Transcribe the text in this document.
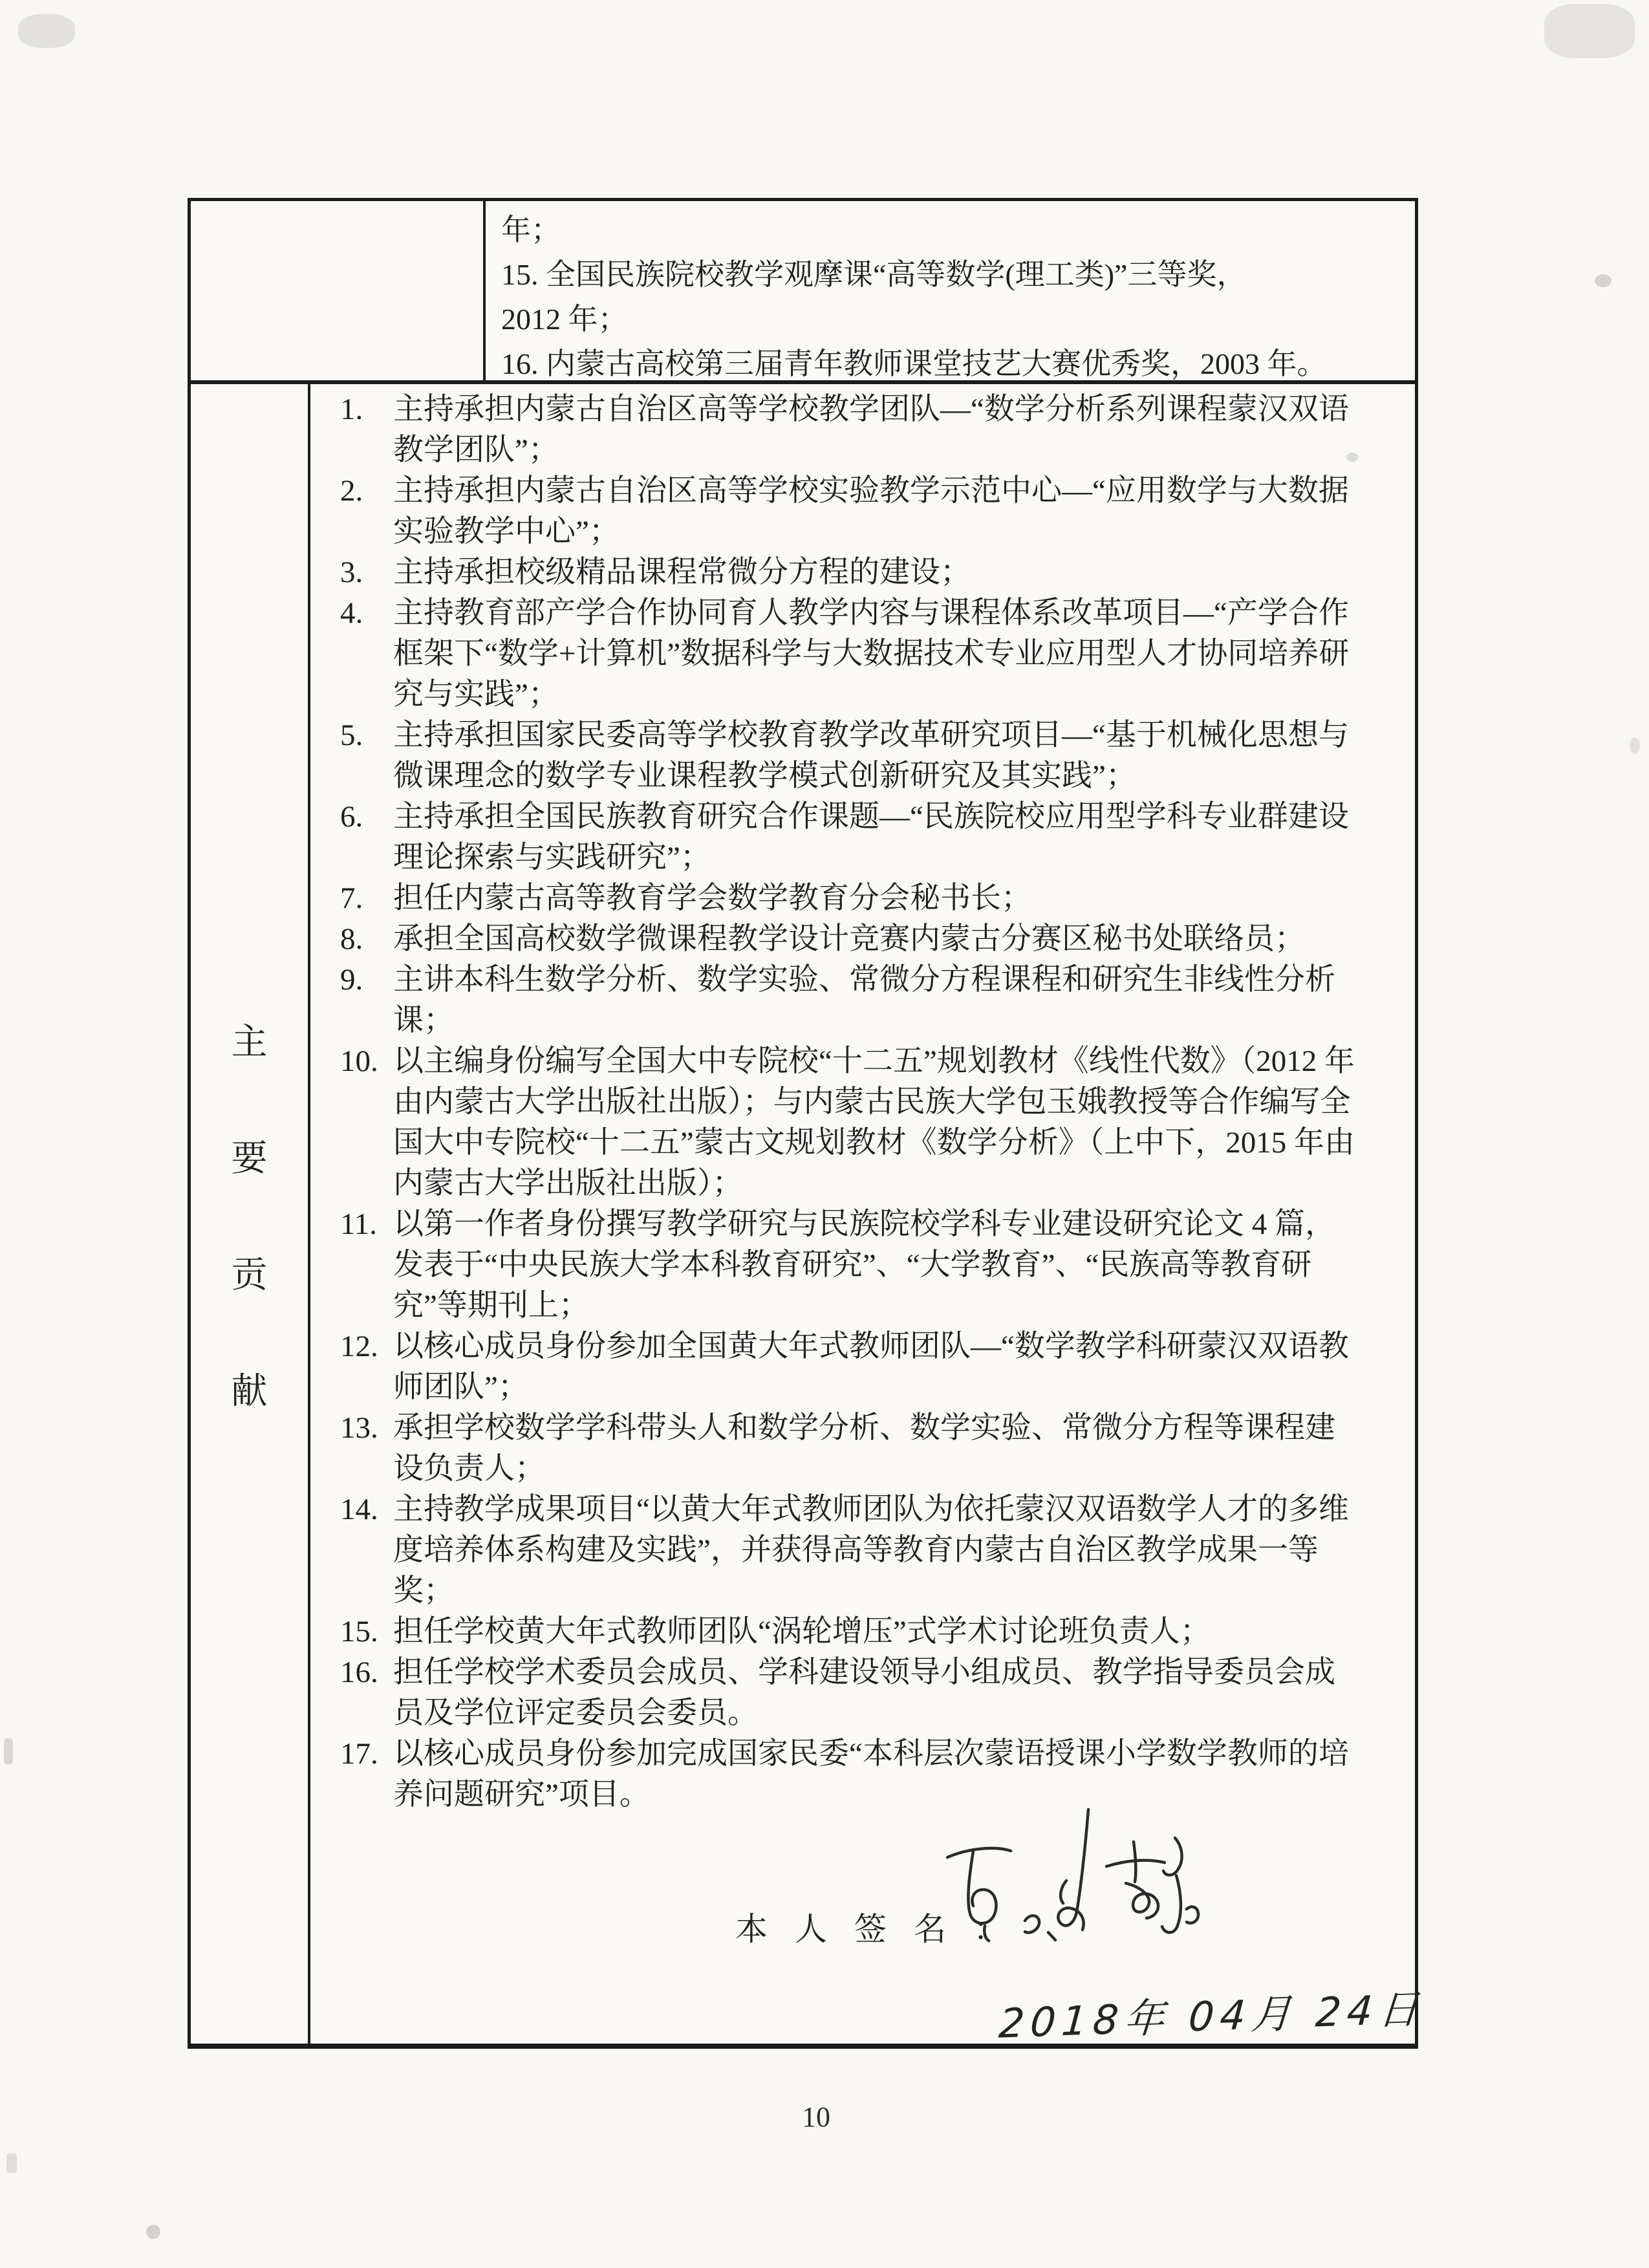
年；
15. 全国民族院校教学观摩课“高等数学(理工类)”三等奖，
2012 年；
16. 内蒙古高校第三届青年教师课堂技艺大赛优秀奖，2003 年。
主
要
贡
献
1. 主持承担内蒙古自治区高等学校教学团队—“数学分析系列课程蒙汉双语教学团队”；
2. 主持承担内蒙古自治区高等学校实验教学示范中心—“应用数学与大数据实验教学中心”；
3. 主持承担校级精品课程常微分方程的建设；
4. 主持教育部产学合作协同育人教学内容与课程体系改革项目—“产学合作框架下“数学+计算机”数据科学与大数据技术专业应用型人才协同培养研究与实践”；
5. 主持承担国家民委高等学校教育教学改革研究项目—“基于机械化思想与微课理念的数学专业课程教学模式创新研究及其实践”；
6. 主持承担全国民族教育研究合作课题—“民族院校应用型学科专业群建设理论探索与实践研究”；
7. 担任内蒙古高等教育学会数学教育分会秘书长；
8. 承担全国高校数学微课程教学设计竞赛内蒙古分赛区秘书处联络员；
9. 主讲本科生数学分析、数学实验、常微分方程课程和研究生非线性分析课；
10. 以主编身份编写全国大中专院校“十二五”规划教材《线性代数》（2012 年由内蒙古大学出版社出版）；与内蒙古民族大学包玉娥教授等合作编写全国大中专院校“十二五”蒙古文规划教材《数学分析》（上中下，2015 年由内蒙古大学出版社出版）；
11. 以第一作者身份撰写教学研究与民族院校学科专业建设研究论文 4 篇，发表于“中央民族大学本科教育研究”、“大学教育”、“民族高等教育研究”等期刊上；
12. 以核心成员身份参加全国黄大年式教师团队—“数学教学科研蒙汉双语教师团队”；
13. 承担学校数学学科带头人和数学分析、数学实验、常微分方程等课程建设负责人；
14. 主持教学成果项目“以黄大年式教师团队为依托蒙汉双语数学人才的多维度培养体系构建及实践”，并获得高等教育内蒙古自治区教学成果一等奖；
15. 担任学校黄大年式教师团队“涡轮增压”式学术讨论班负责人；
16. 担任学校学术委员会成员、学科建设领导小组成员、教学指导委员会成员及学位评定委员会委员。
17. 以核心成员身份参加完成国家民委“本科层次蒙语授课小学数学教师的培养问题研究”项目。
本人签名：
2018年 04月 24日
10
